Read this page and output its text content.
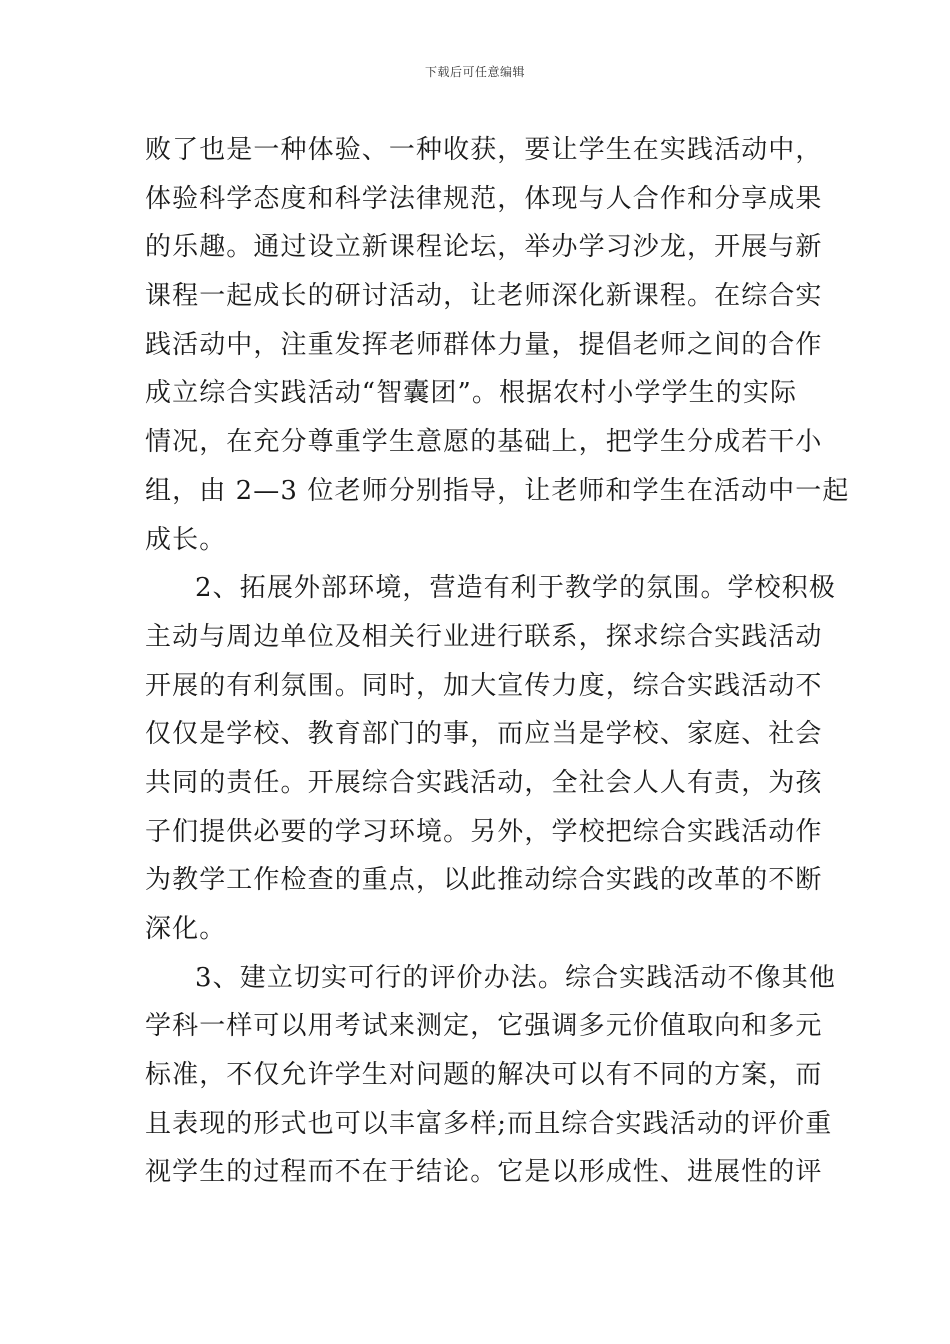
下载后可任意编辑
败了也是一种体验、一种收获，要让学生在实践活动中，
体验科学态度和科学法律规范，体现与人合作和分享成果
的乐趣。通过设立新课程论坛，举办学习沙龙，开展与新
课程一起成长的研讨活动，让老师深化新课程。在综合实
践活动中，注重发挥老师群体力量，提倡老师之间的合作
成立综合实践活动“智囊团”。根据农村小学学生的实际
情况，在充分尊重学生意愿的基础上，把学生分成若干小
组，由 2—3 位老师分别指导，让老师和学生在活动中一起
成长。
2、拓展外部环境，营造有利于教学的氛围。学校积极
主动与周边单位及相关行业进行联系，探求综合实践活动
开展的有利氛围。同时，加大宣传力度，综合实践活动不
仅仅是学校、教育部门的事，而应当是学校、家庭、社会
共同的责任。开展综合实践活动，全社会人人有责，为孩
子们提供必要的学习环境。另外，学校把综合实践活动作
为教学工作检查的重点，以此推动综合实践的改革的不断
深化。
3、建立切实可行的评价办法。综合实践活动不像其他
学科一样可以用考试来测定，它强调多元价值取向和多元
标准，不仅允许学生对问题的解决可以有不同的方案，而
且表现的形式也可以丰富多样;而且综合实践活动的评价重
视学生的过程而不在于结论。它是以形成性、进展性的评
